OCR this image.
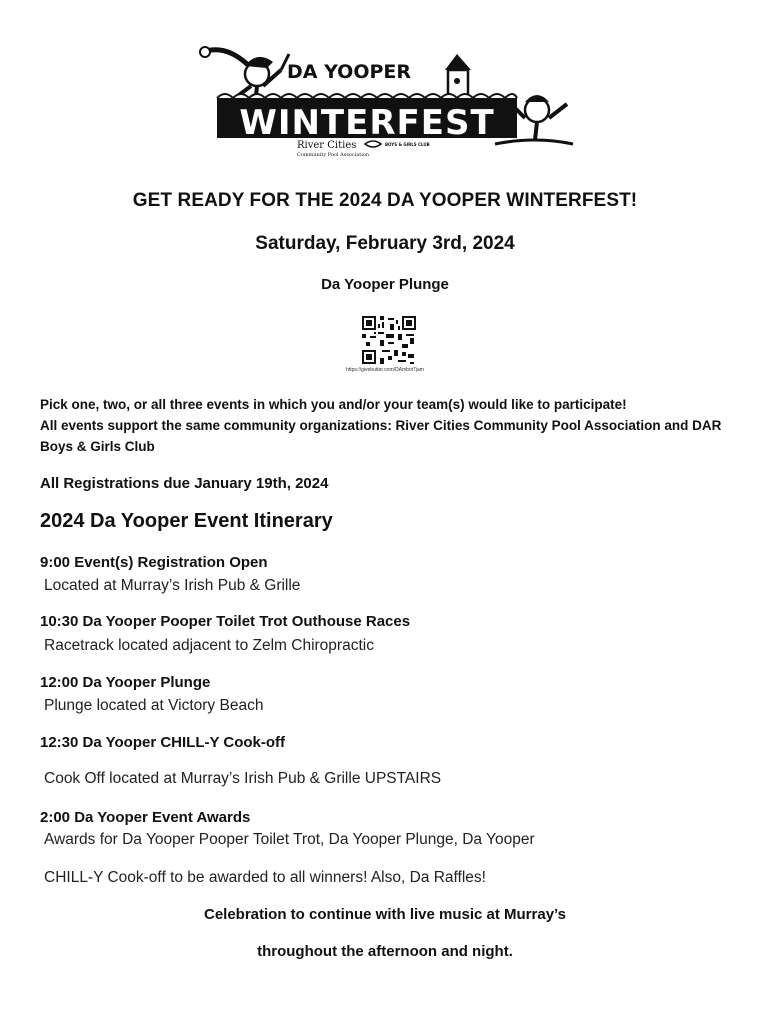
DA YOOPER
WINTERFEST
River Cities
Community Pool Association
BOYS & GIRLS CLUB
GET READY FOR THE 2024 DA YOOPER WINTERFEST!
Saturday, February 3rd, 2024
Da Yooper Plunge
https://givebutter.com/DAmbot7jam
Pick one, two, or all three events in which you and/or your team(s) would like to participate!
All events support the same community organizations: River Cities Community Pool Association and DAR Boys & Girls Club
All Registrations due January 19th, 2024
2024 Da Yooper Event Itinerary
9:00 Event(s) Registration Open
Located at Murray’s Irish Pub & Grille
10:30 Da Yooper Pooper Toilet Trot Outhouse Races
Racetrack located adjacent to Zelm Chiropractic
12:00 Da Yooper Plunge
Plunge located at Victory Beach
12:30 Da Yooper CHILL-Y Cook-off
Cook Off located at Murray’s Irish Pub & Grille UPSTAIRS
2:00 Da Yooper Event Awards
Awards for Da Yooper Pooper Toilet Trot, Da Yooper Plunge, Da Yooper
CHILL-Y Cook-off to be awarded to all winners! Also, Da Raffles!
Celebration to continue with live music at Murray’s
throughout the afternoon and night.
